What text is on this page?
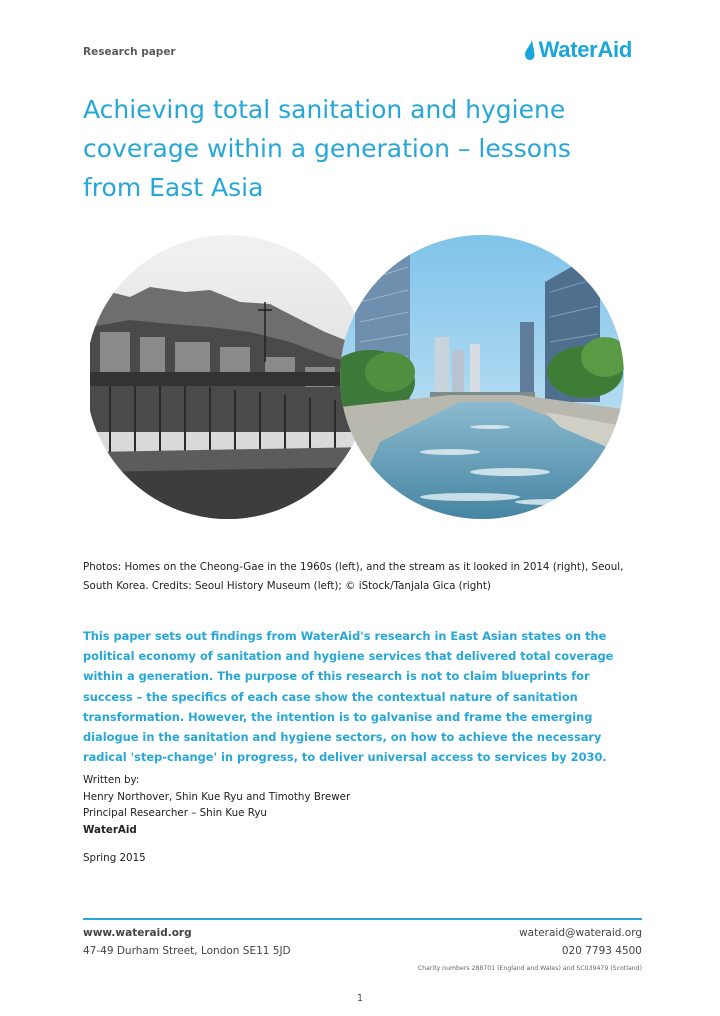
Research paper	WaterAid
Achieving total sanitation and hygiene coverage within a generation – lessons from East Asia
Photos: Homes on the Cheong-Gae in the 1960s (left), and the stream as it looked in 2014 (right), Seoul, South Korea. Credits: Seoul History Museum (left); © iStock/Tanjala Gica (right)
This paper sets out findings from WaterAid's research in East Asian states on the political economy of sanitation and hygiene services that delivered total coverage within a generation. The purpose of this research is not to claim blueprints for success – the specifics of each case show the contextual nature of sanitation transformation. However, the intention is to galvanise and frame the emerging dialogue in the sanitation and hygiene sectors, on how to achieve the necessary radical 'step-change' in progress, to deliver universal access to services by 2030.
Written by:
Henry Northover, Shin Kue Ryu and Timothy Brewer
Principal Researcher – Shin Kue Ryu
WaterAid
Spring 2015
www.wateraid.org
47-49 Durham Street, London SE11 5JD
wateraid@wateraid.org
020 7793 4500
Charity numbers 288701 (England and Wales) and SC039479 (Scotland)
1
